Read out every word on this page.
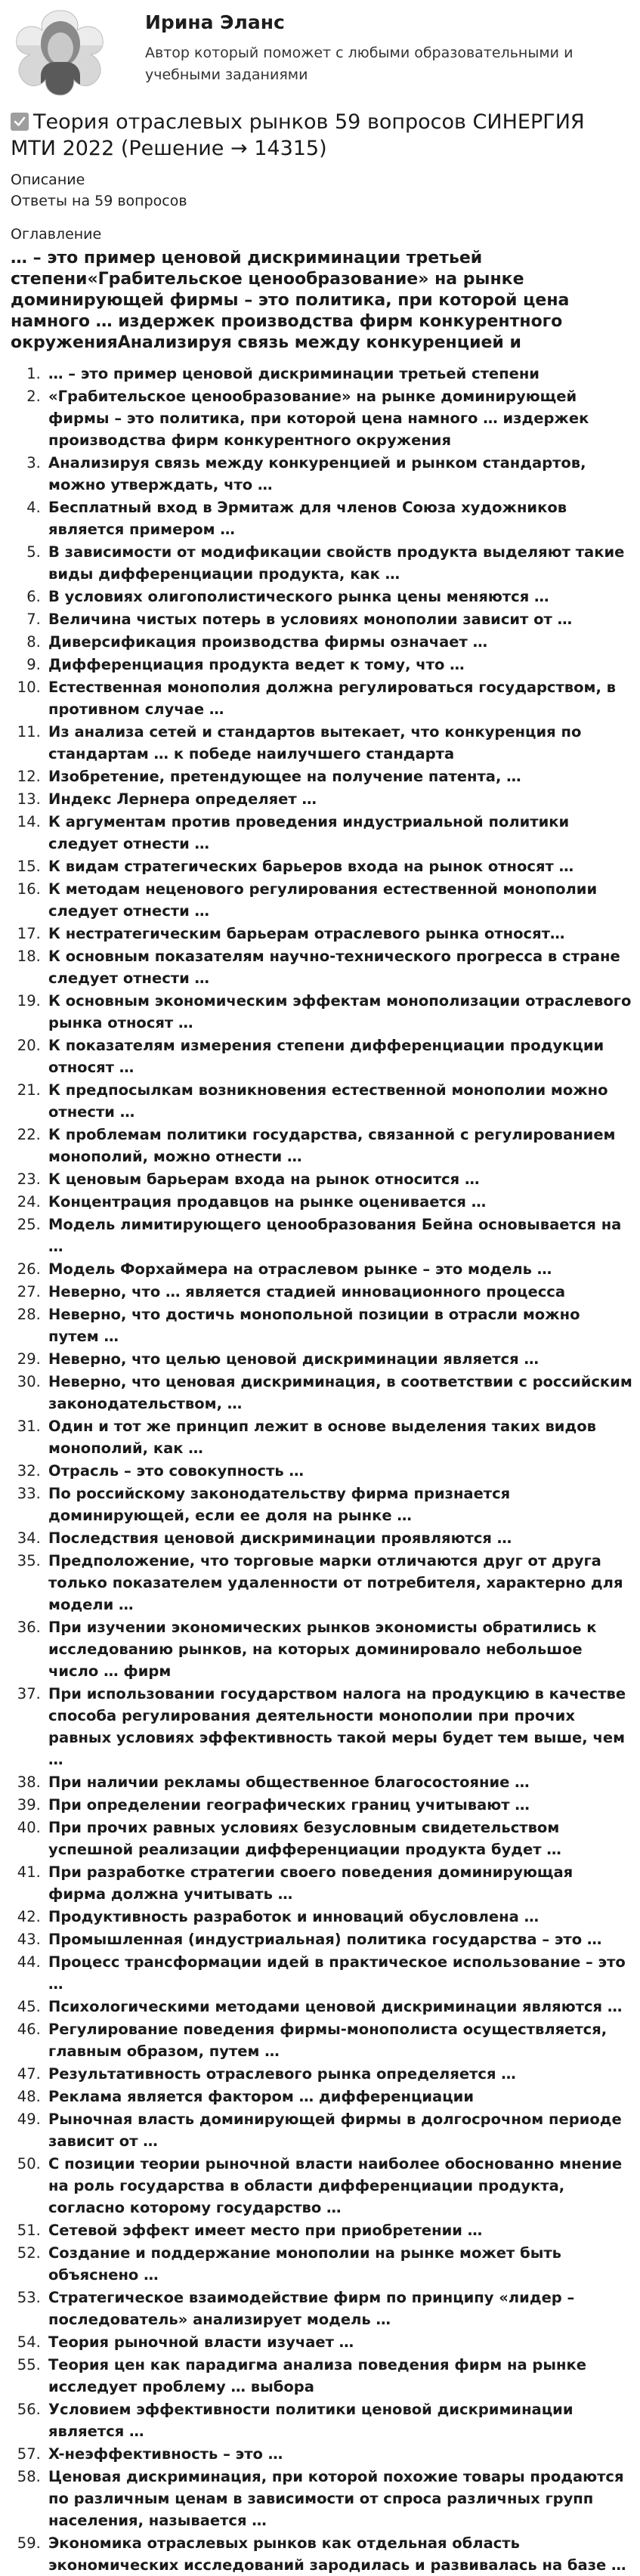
Ирина Эланс
Автор который поможет с любыми образовательными и учебными заданиями
Теория отраслевых рынков 59 вопросов СИНЕРГИЯ МТИ 2022 (Решение → 14315)
Описание
Ответы на 59 вопросов
Оглавление
… – это пример ценовой дискриминации третьей степени«Грабительское ценообразование» на рынке доминирующей фирмы – это политика, при которой цена намного … издержек производства фирм конкурентного окруженияАнализируя связь между конкуренцией и
1. … – это пример ценовой дискриминации третьей степени
2. «Грабительское ценообразование» на рынке доминирующей фирмы – это политика, при которой цена намного … издержек производства фирм конкурентного окружения
3. Анализируя связь между конкуренцией и рынком стандартов, можно утверждать, что …
4. Бесплатный вход в Эрмитаж для членов Союза художников является примером …
5. В зависимости от модификации свойств продукта выделяют такие виды дифференциации продукта, как …
6. В условиях олигополистического рынка цены меняются …
7. Величина чистых потерь в условиях монополии зависит от …
8. Диверсификация производства фирмы означает …
9. Дифференциация продукта ведет к тому, что …
10. Естественная монополия должна регулироваться государством, в противном случае …
11. Из анализа сетей и стандартов вытекает, что конкуренция по стандартам … к победе наилучшего стандарта
12. Изобретение, претендующее на получение патента, …
13. Индекс Лернера определяет …
14. К аргументам против проведения индустриальной политики следует отнести …
15. К видам стратегических барьеров входа на рынок относят …
16. К методам неценового регулирования естественной монополии следует отнести …
17. К нестратегическим барьерам отраслевого рынка относят…
18. К основным показателям научно-технического прогресса в стране следует отнести …
19. К основным экономическим эффектам монополизации отраслевого рынка относят …
20. К показателям измерения степени дифференциации продукции относят …
21. К предпосылкам возникновения естественной монополии можно отнести …
22. К проблемам политики государства, связанной с регулированием монополий, можно отнести …
23. К ценовым барьерам входа на рынок относится …
24. Концентрация продавцов на рынке оценивается …
25. Модель лимитирующего ценообразования Бейна основывается на …
26. Модель Форхаймера на отраслевом рынке – это модель …
27. Неверно, что … является стадией инновационного процесса
28. Неверно, что достичь монопольной позиции в отрасли можно путем …
29. Неверно, что целью ценовой дискриминации является …
30. Неверно, что ценовая дискриминация, в соответствии с российским законодательством, …
31. Один и тот же принцип лежит в основе выделения таких видов монополий, как …
32. Отрасль – это совокупность …
33. По российскому законодательству фирма признается доминирующей, если ее доля на рынке …
34. Последствия ценовой дискриминации проявляются …
35. Предположение, что торговые марки отличаются друг от друга только показателем удаленности от потребителя, характерно для модели …
36. При изучении экономических рынков экономисты обратились к исследованию рынков, на которых доминировало небольшое число … фирм
37. При использовании государством налога на продукцию в качестве способа регулирования деятельности монополии при прочих равных условиях эффективность такой меры будет тем выше, чем …
38. При наличии рекламы общественное благосостояние …
39. При определении географических границ учитывают …
40. При прочих равных условиях безусловным свидетельством успешной реализации дифференциации продукта будет …
41. При разработке стратегии своего поведения доминирующая фирма должна учитывать …
42. Продуктивность разработок и инноваций обусловлена …
43. Промышленная (индустриальная) политика государства – это …
44. Процесс трансформации идей в практическое использование – это …
45. Психологическими методами ценовой дискриминации являются …
46. Регулирование поведения фирмы-монополиста осуществляется, главным образом, путем …
47. Результативность отраслевого рынка определяется …
48. Реклама является фактором … дифференциации
49. Рыночная власть доминирующей фирмы в долгосрочном периоде зависит от …
50. С позиции теории рыночной власти наиболее обоснованно мнение на роль государства в области дифференциации продукта, согласно которому государство …
51. Сетевой эффект имеет место при приобретении …
52. Создание и поддержание монополии на рынке может быть объяснено …
53. Стратегическое взаимодействие фирм по принципу «лидер – последователь» анализирует модель …
54. Теория рыночной власти изучает …
55. Теория цен как парадигма анализа поведения фирм на рынке исследует проблему … выбора
56. Условием эффективности политики ценовой дискриминации является …
57. X-неэффективность – это …
58. Ценовая дискриминация, при которой похожие товары продаются по различным ценам в зависимости от спроса различных групп населения, называется …
59. Экономика отраслевых рынков как отдельная область экономических исследований зародилась и развивалась на базе …
